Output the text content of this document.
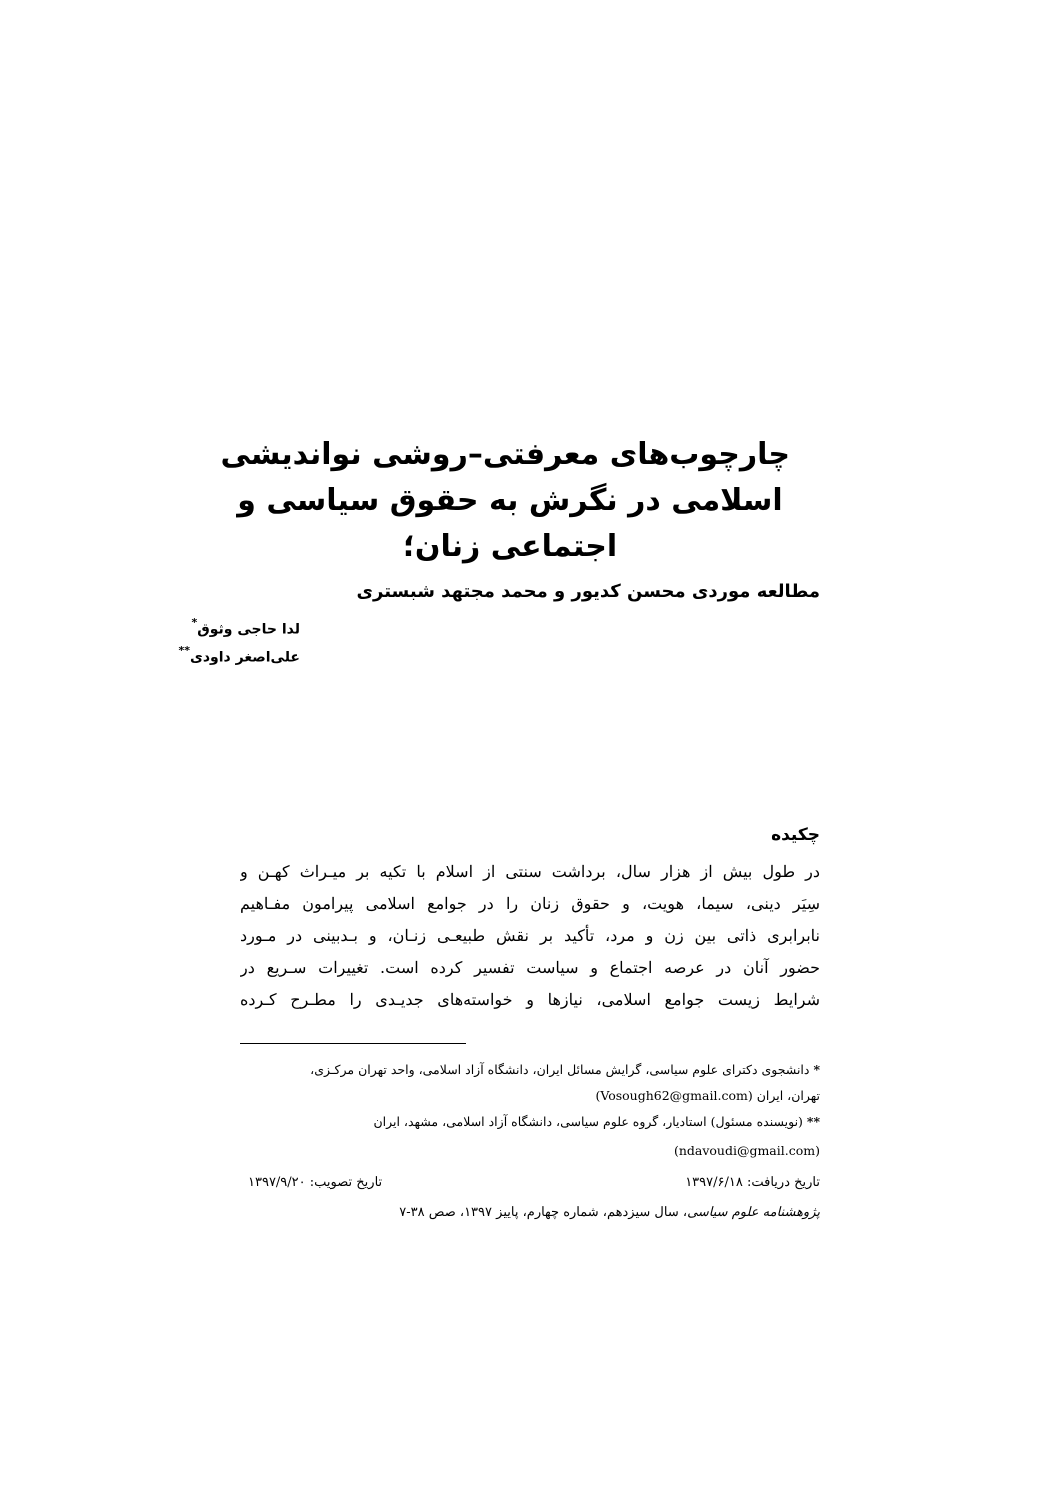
چارچوب‌های معرفتی–روشی نواندیشی
اسلامی در نگرش به حقوق سیاسی و
اجتماعی زنان؛
مطالعه موردی محسن کدیور و محمد مجتهد شبستری
لدا حاجی وثوق*
علی‌اصغر داودی**
چکیده
در طول بیش از هزار سال، برداشت سنتی از اسلام با تکیه بر میـراث کهـن و
سِیَر دینی، سیما، هویت، و حقوق زنان را در جوامع اسلامی پیرامون مفـاهیم
نابرابری ذاتی بین زن و مرد، تأکید بر نقش طبیعـی زنـان، و بـدبینی در مـورد
حضور آنان در عرصه اجتماع و سیاست تفسیر کرده است. تغییرات سـریع در
شرایط زیست جوامع اسلامی، نیازها و خواسته‌های جدیـدی را مطـرح کـرده
* دانشجوی دکترای علوم سیاسی، گرایش مسائل ایران، دانشگاه آزاد اسلامی، واحد تهران مرکـزی،
تهران، ایران (Vosough62@gmail.com)
** (نویسنده مسئول) استادیار، گروه علوم سیاسی، دانشگاه آزاد اسلامی، مشهد، ایران
(ndavoudi@gmail.com)
تاریخ دریافت: ۱۳۹۷/۶/۱۸
تاریخ تصویب: ۱۳۹۷/۹/۲۰
پژوهشنامه علوم سیاسی، سال سیزدهم، شماره چهارم، پاییز ۱۳۹۷، صص ۳۸-۷
